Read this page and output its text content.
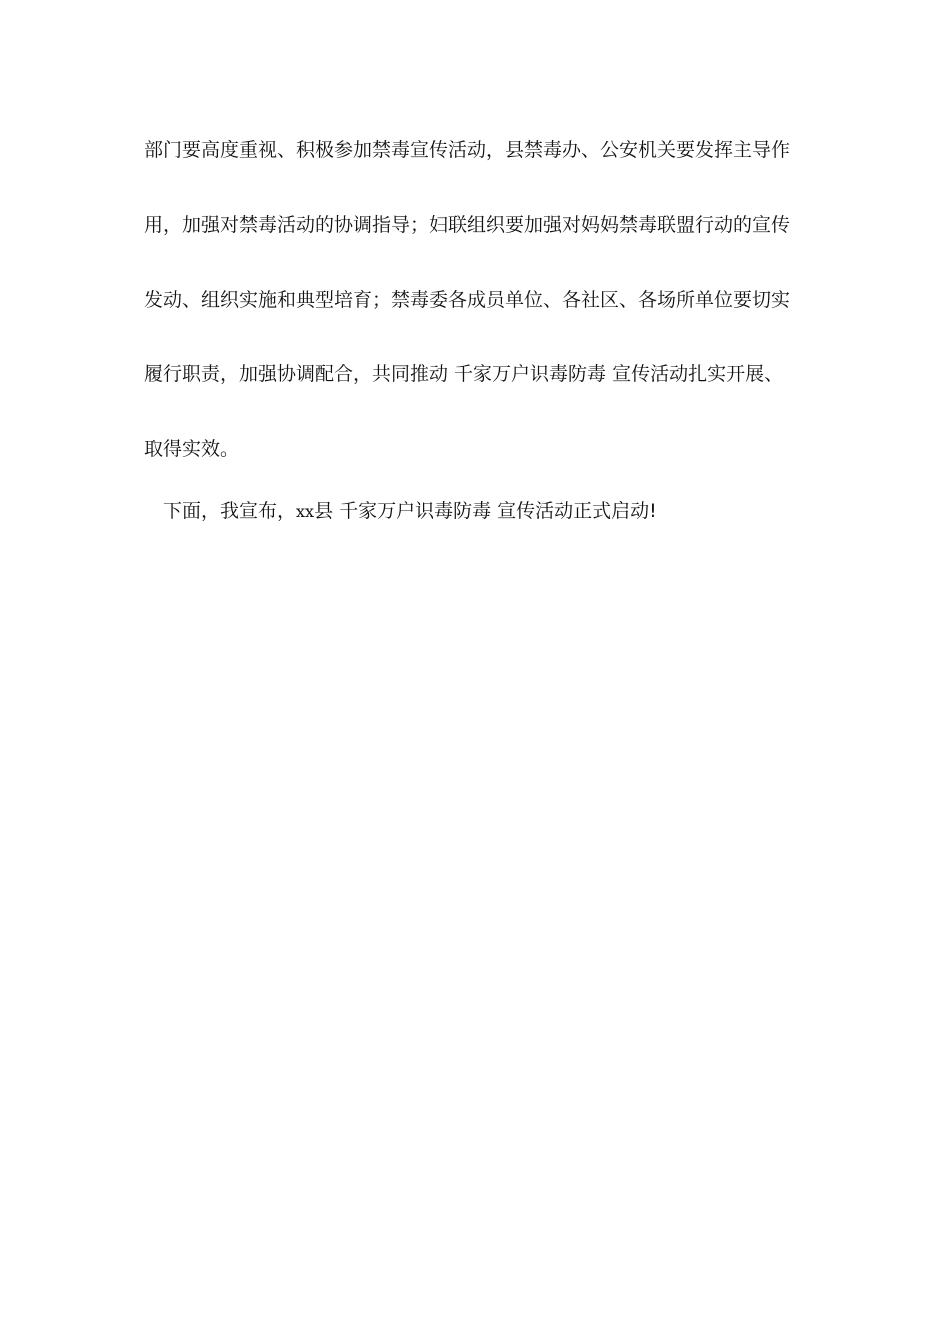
部门要高度重视、积极参加禁毒宣传活动，县禁毒办、公安机关要发挥主导作
用，加强对禁毒活动的协调指导；妇联组织要加强对妈妈禁毒联盟行动的宣传
发动、组织实施和典型培育；禁毒委各成员单位、各社区、各场所单位要切实
履行职责，加强协调配合，共同推动 千家万户识毒防毒 宣传活动扎实开展、
取得实效。
下面，我宣布，xx县 千家万户识毒防毒 宣传活动正式启动!
